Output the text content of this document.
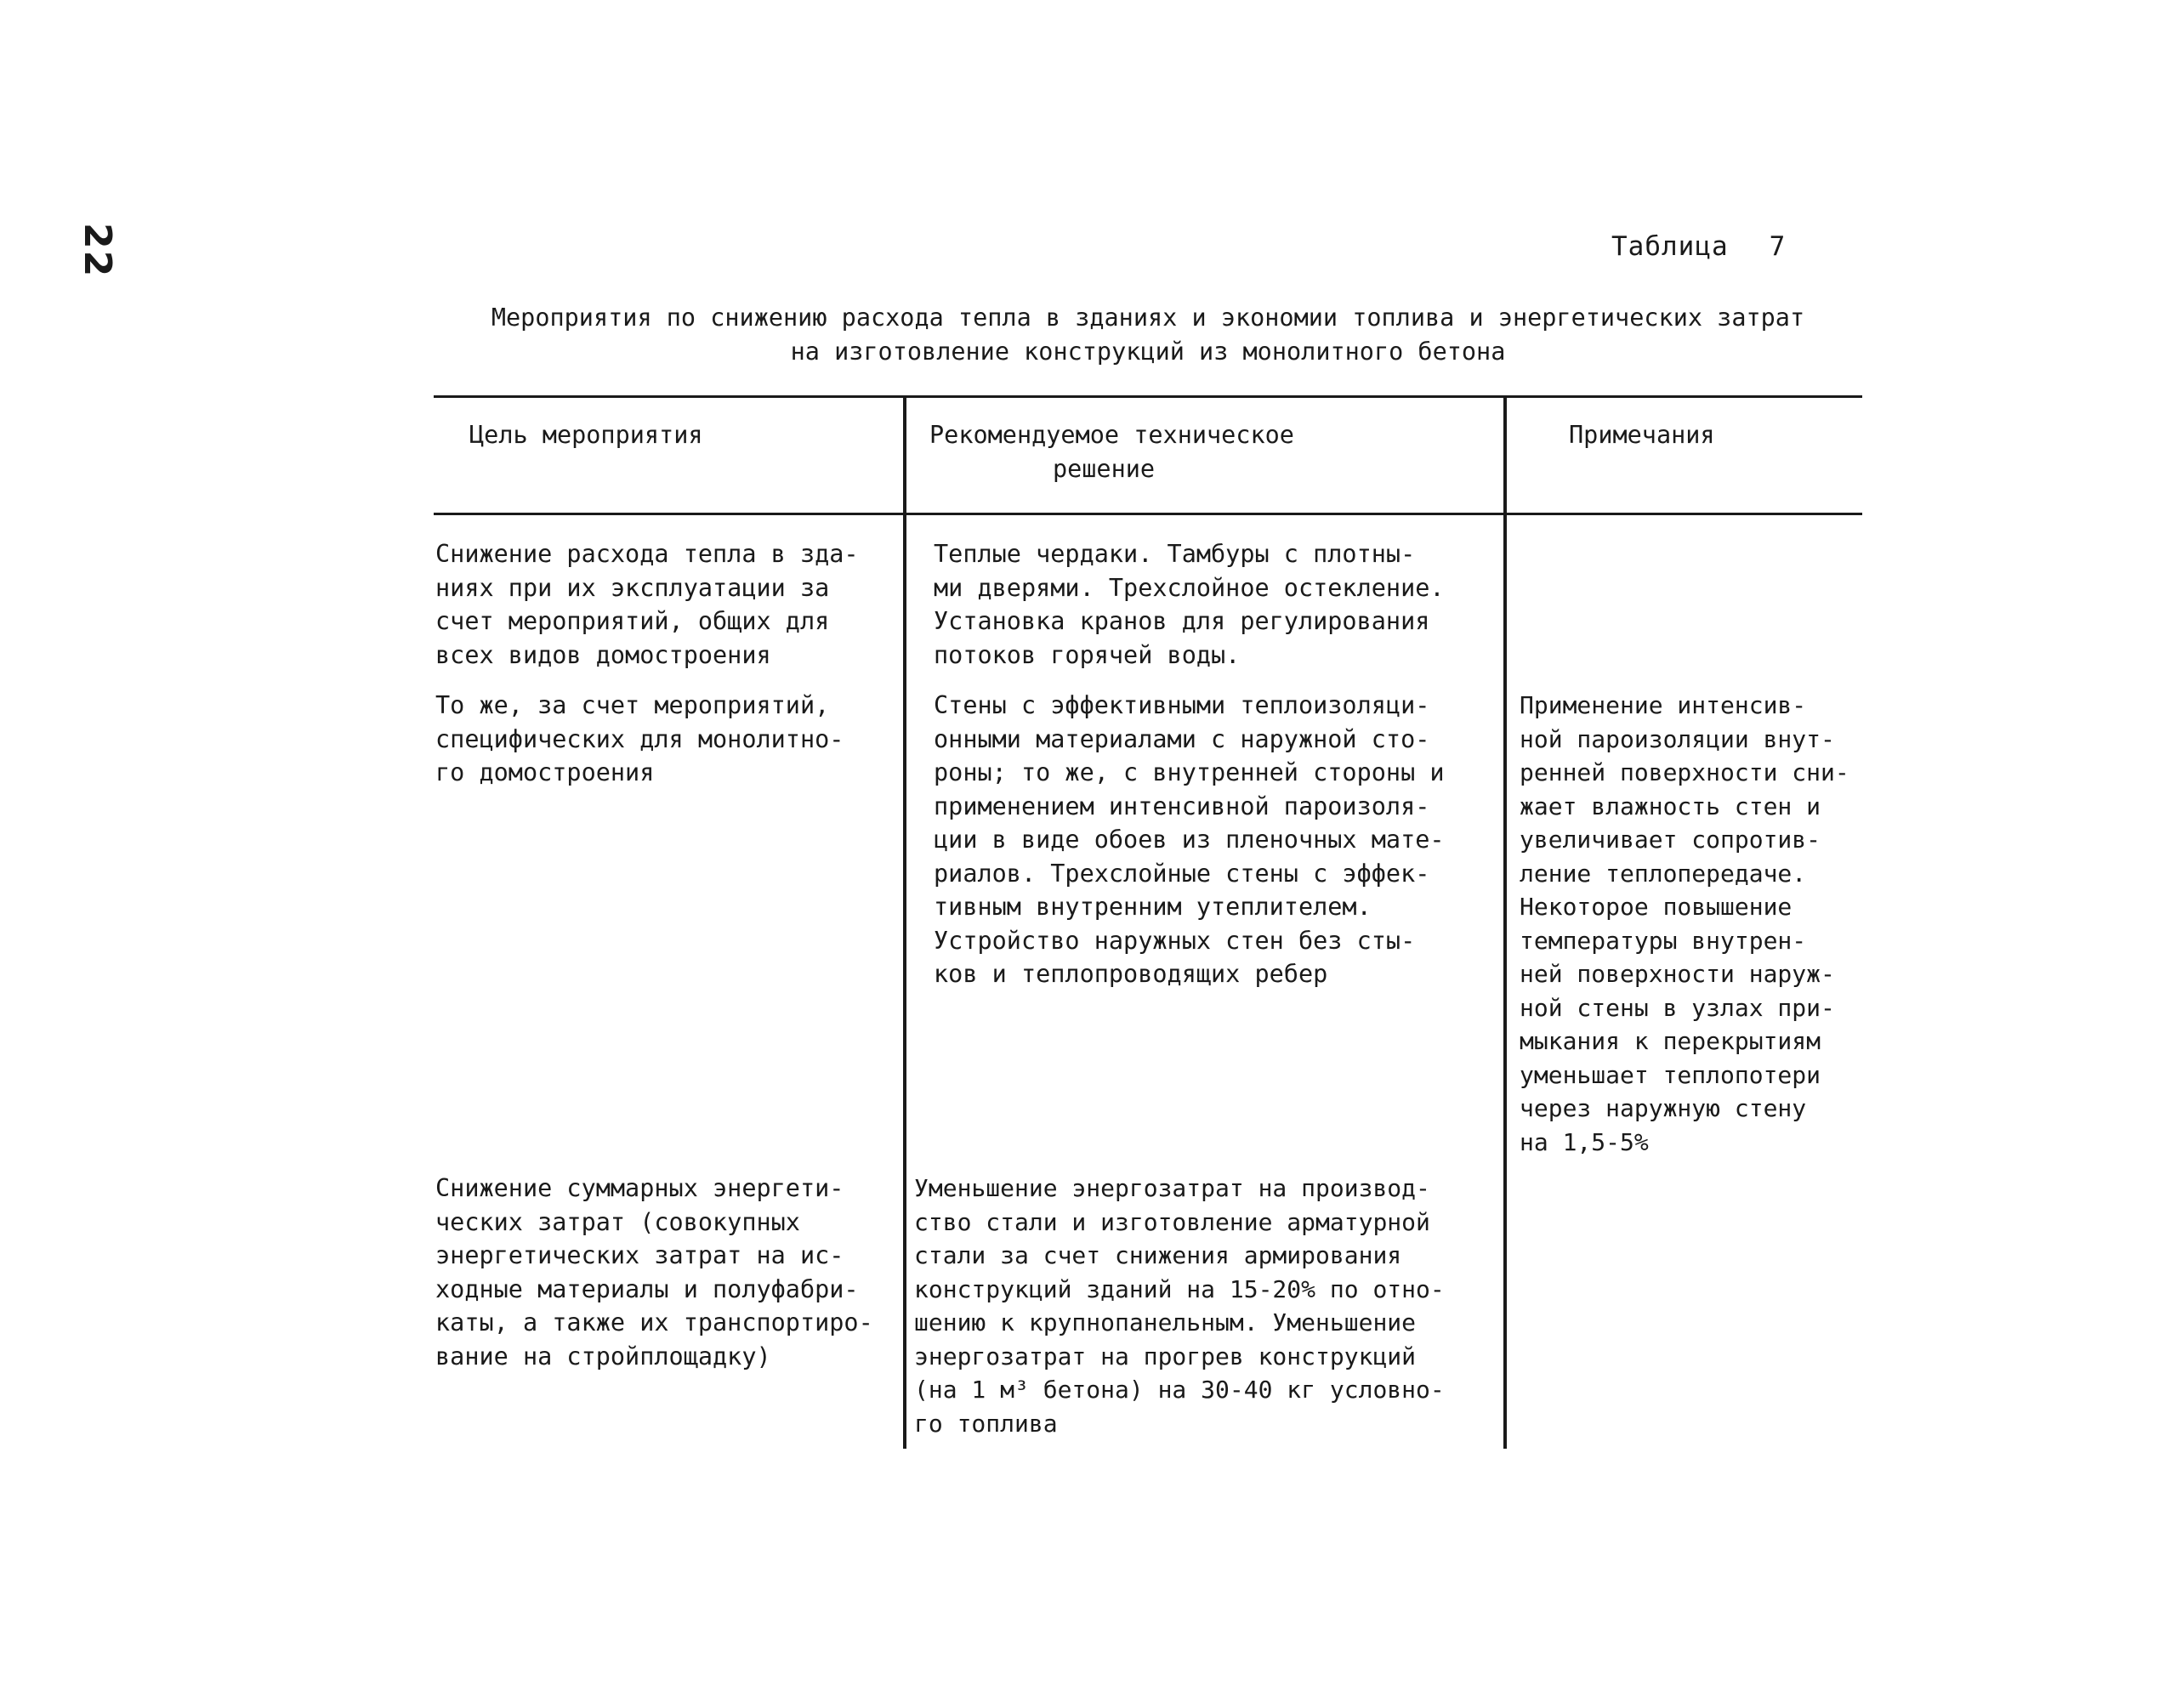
22	Таблица 7
Мероприятия по снижению расхода тепла в зданиях и экономии топлива и энергетических затрат
на изготовление конструкций из монолитного бетона
Цель мероприятия	Рекомендуемое техническое
решение
Примечания
Снижение расхода тепла в зда-
ниях при их эксплуатации за
счет мероприятий, общих для
всех видов домостроения
Теплые чердаки. Тамбуры с плотны-
ми дверями. Трехслойное остекление.
Установка кранов для регулирования
потоков горячей воды.
То же, за счет мероприятий,
специфических для монолитно-
го домостроения
Стены с эффективными теплоизоляци-
онными материалами с наружной сто-
роны; то же, с внутренней стороны и
применением интенсивной пароизоля-
ции в виде обоев из пленочных мате-
риалов. Трехслойные стены с эффек-
тивным внутренним утеплителем.
Устройство наружных стен без сты-
ков и теплопроводящих ребер
Применение интенсив-
ной пароизоляции внут-
ренней поверхности сни-
жает влажность стен и
увеличивает сопротив-
ление теплопередаче.
Некоторое повышение
температуры внутрен-
ней поверхности наруж-
ной стены в узлах при-
мыкания к перекрытиям
уменьшает теплопотери
через наружную стену
на 1,5-5%
Снижение суммарных энергети-
ческих затрат (совокупных
энергетических затрат на ис-
ходные материалы и полуфабри-
каты, а также их транспортиро-
вание на стройплощадку)
Уменьшение энергозатрат на производ-
ство стали и изготовление арматурной
стали за счет снижения армирования
конструкций зданий на 15-20% по отно-
шению к крупнопанельным. Уменьшение
энергозатрат на прогрев конструкций
(на 1 м³ бетона) на 30-40 кг условно-
го топлива
